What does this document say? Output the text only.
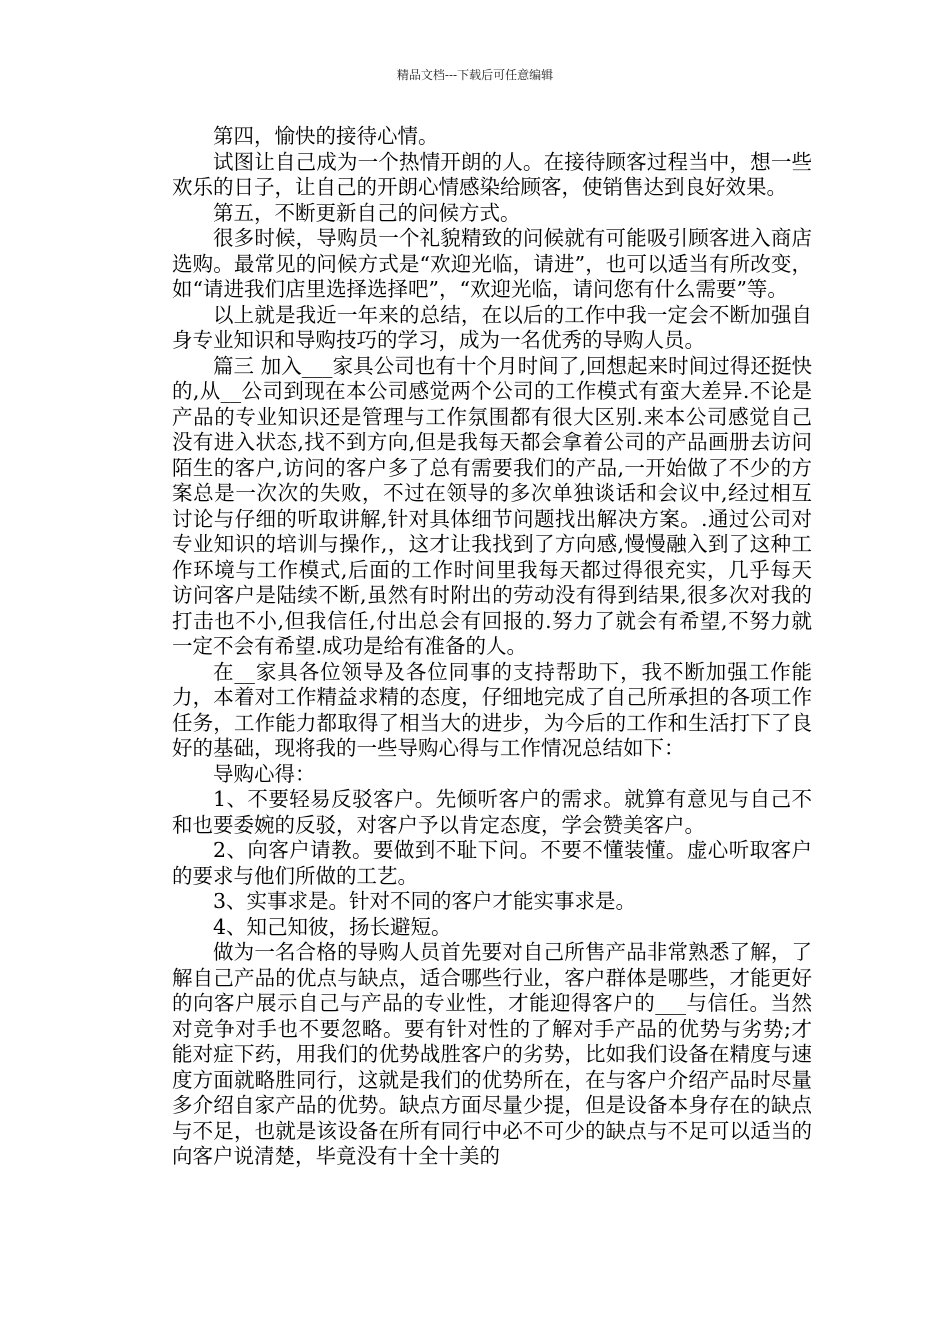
精品文档---下载后可任意编辑

第四，愉快的接待心情。

试图让自己成为一个热情开朗的人。在接待顾客过程当中，想一些欢乐的日子，让自己的开朗心情感染给顾客，使销售达到良好效果。

第五，不断更新自己的问候方式。

很多时候，导购员一个礼貌精致的问候就有可能吸引顾客进入商店选购。最常见的问候方式是“欢迎光临，请进”，也可以适当有所改变，如“请进我们店里选择选择吧”，“欢迎光临，请问您有什么需要”等。

以上就是我近一年来的总结，在以后的工作中我一定会不断加强自身专业知识和导购技巧的学习，成为一名优秀的导购人员。

篇三 加入___家具公司也有十个月时间了,回想起来时间过得还挺快的,从__公司到现在本公司感觉两个公司的工作模式有蛮大差异.不论是产品的专业知识还是管理与工作氛围都有很大区别.来本公司感觉自己没有进入状态,找不到方向,但是我每天都会拿着公司的产品画册去访问陌生的客户,访问的客户多了总有需要我们的产品,一开始做了不少的方案总是一次次的失败，不过在领导的多次单独谈话和会议中,经过相互讨论与仔细的听取讲解,针对具体细节问题找出解决方案。.通过公司对专业知识的培训与操作,，这才让我找到了方向感,慢慢融入到了这种工作环境与工作模式,后面的工作时间里我每天都过得很充实，几乎每天访问客户是陆续不断,虽然有时附出的劳动没有得到结果,很多次对我的打击也不小,但我信任,付出总会有回报的.努力了就会有希望,不努力就一定不会有希望.成功是给有准备的人。

在__家具各位领导及各位同事的支持帮助下，我不断加强工作能力，本着对工作精益求精的态度，仔细地完成了自己所承担的各项工作任务，工作能力都取得了相当大的进步，为今后的工作和生活打下了良好的基础，现将我的一些导购心得与工作情况总结如下：

导购心得：

1、不要轻易反驳客户。先倾听客户的需求。就算有意见与自己不和也要委婉的反驳，对客户予以肯定态度，学会赞美客户。

2、向客户请教。要做到不耻下问。不要不懂装懂。虚心听取客户的要求与他们所做的工艺。

3、实事求是。针对不同的客户才能实事求是。

4、知己知彼，扬长避短。

做为一名合格的导购人员首先要对自己所售产品非常熟悉了解，了解自己产品的优点与缺点，适合哪些行业，客户群体是哪些，才能更好的向客户展示自己与产品的专业性，才能迎得客户的___与信任。当然对竞争对手也不要忽略。要有针对性的了解对手产品的优势与劣势;才能对症下药，用我们的优势战胜客户的劣势，比如我们设备在精度与速度方面就略胜同行，这就是我们的优势所在，在与客户介绍产品时尽量多介绍自家产品的优势。缺点方面尽量少提，但是设备本身存在的缺点与不足，也就是该设备在所有同行中必不可少的缺点与不足可以适当的向客户说清楚，毕竟没有十全十美的
